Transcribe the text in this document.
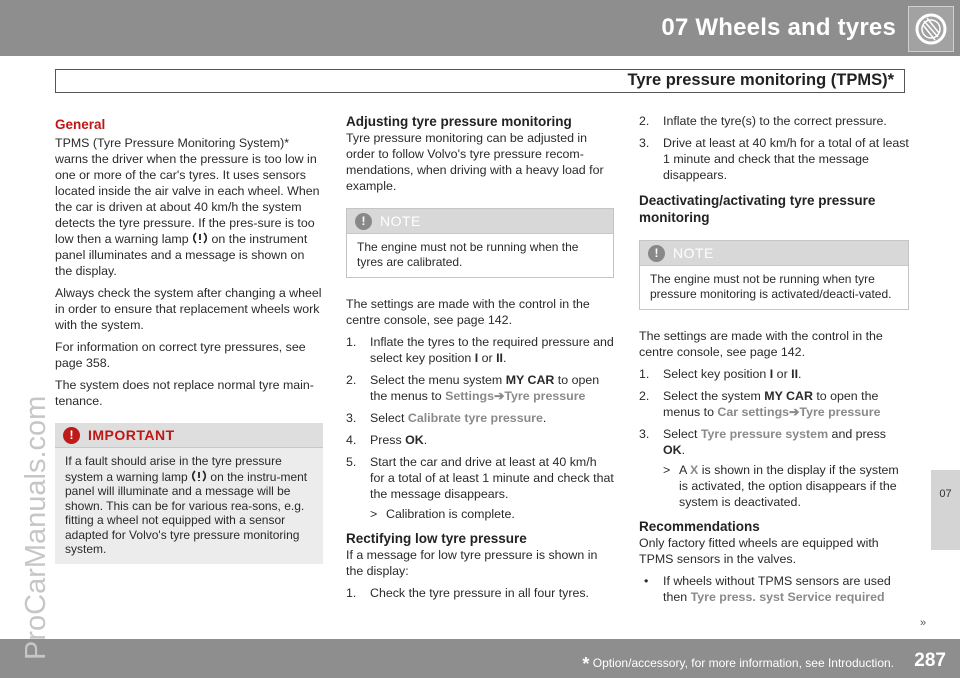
07 Wheels and tyres
Tyre pressure monitoring (TPMS)*
07
»
* Option/accessory, for more information, see Introduction. 287
ProCarManuals.com
General

TPMS (Tyre Pressure Monitoring System)* warns the driver when the pressure is too low in one or more of the car's tyres. It uses sensors located inside the air valve in each wheel. When the car is driven at about 40 km/h the system detects the tyre pressure. If the pres-sure is too low then a warning lamp on the instrument panel illuminates and a message is shown on the display.

Always check the system after changing a wheel in order to ensure that replacement wheels work with the system.

For information on correct tyre pressures, see page 358.

The system does not replace normal tyre main-tenance.

!	IMPORTANT
If a fault should arise in the tyre pressure system a warning lamp on the instru-ment panel will illuminate and a message will be shown. This can be for various rea-sons, e.g. fitting a wheel not equipped with a sensor adapted for Volvo's tyre pressure monitoring system.
Adjusting tyre pressure monitoring

Tyre pressure monitoring can be adjusted in order to follow Volvo's tyre pressure recom-mendations, when driving with a heavy load for example.

!	NOTE
The engine must not be running when the tyres are calibrated.

The settings are made with the control in the centre console, see page 142.

1. Inflate the tyres to the required pressure and select key position I or II.
2. Select the menu system MY CAR to open the menus to Settings➔Tyre pressure
3. Select Calibrate tyre pressure.
4. Press OK.
5. Start the car and drive at least at 40 km/h for a total of at least 1 minute and check that the message disappears.
> Calibration is complete.
Rectifying low tyre pressure

If a message for low tyre pressure is shown in the display:

1. Check the tyre pressure in all four tyres.
2. Inflate the tyre(s) to the correct pressure.
3. Drive at least at 40 km/h for a total of at least 1 minute and check that the message disappears.
Deactivating/activating tyre pressure monitoring
!	NOTE
The engine must not be running when tyre pressure monitoring is activated/deacti-vated.

The settings are made with the control in the centre console, see page 142.

1. Select key position I or II.
2. Select the system MY CAR to open the menus to Car settings➔Tyre pressure
3. Select Tyre pressure system and press OK.
> A X is shown in the display if the system is activated, the option disappears if the system is deactivated.
Recommendations

Only factory fitted wheels are equipped with TPMS sensors in the valves.

• If wheels without TPMS sensors are used then Tyre press. syst Service required
